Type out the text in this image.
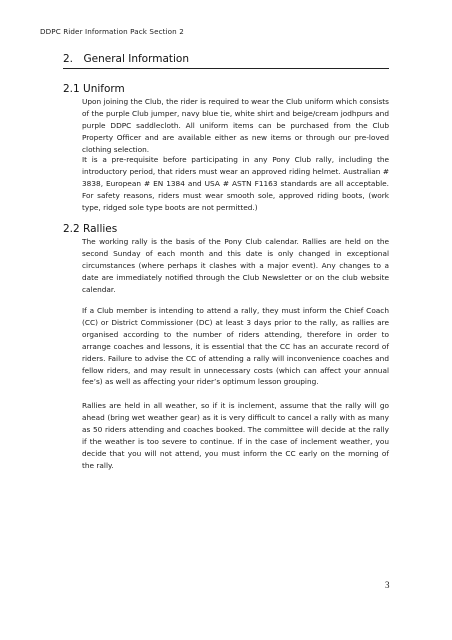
DDPC Rider Information Pack Section 2
2. General Information
2.1 Uniform
Upon joining the Club, the rider is required to wear the Club uniform which consists of the purple Club jumper, navy blue tie, white shirt and beige/cream jodhpurs and purple DDPC saddlecloth. All uniform items can be purchased from the Club Property Officer and are available either as new items or through our pre-loved clothing selection.
It is a pre-requisite before participating in any Pony Club rally, including the introductory period, that riders must wear an approved riding helmet. Australian # 3838, European # EN 1384 and USA # ASTN F1163 standards are all acceptable. For safety reasons, riders must wear smooth sole, approved riding boots, (work type, ridged sole type boots are not permitted.)
2.2 Rallies
The working rally is the basis of the Pony Club calendar. Rallies are held on the second Sunday of each month and this date is only changed in exceptional circumstances (where perhaps it clashes with a major event). Any changes to a date are immediately notified through the Club Newsletter or on the club website calendar.
If a Club member is intending to attend a rally, they must inform the Chief Coach (CC) or District Commissioner (DC) at least 3 days prior to the rally, as rallies are organised according to the number of riders attending, therefore in order to arrange coaches and lessons, it is essential that the CC has an accurate record of riders. Failure to advise the CC of attending a rally will inconvenience coaches and fellow riders, and may result in unnecessary costs (which can affect your annual fee’s) as well as affecting your rider’s optimum lesson grouping.
Rallies are held in all weather, so if it is inclement, assume that the rally will go ahead (bring wet weather gear) as it is very difficult to cancel a rally with as many as 50 riders attending and coaches booked. The committee will decide at the rally if the weather is too severe to continue. If in the case of inclement weather, you decide that you will not attend, you must inform the CC early on the morning of the rally.
3
